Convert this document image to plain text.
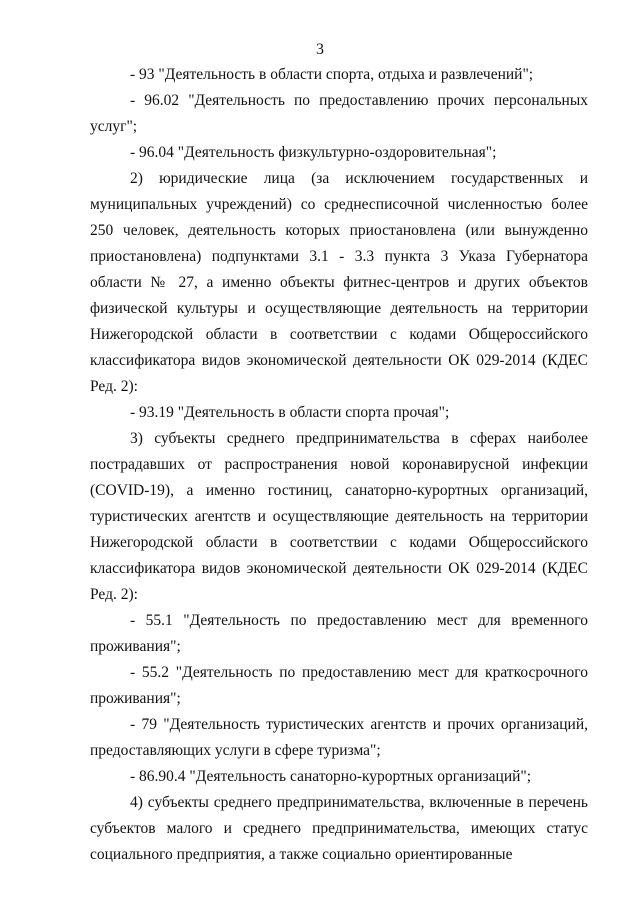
3

- 93 "Деятельность в области спорта, отдыха и развлечений";

- 96.02 "Деятельность по предоставлению прочих персональных услуг";

- 96.04 "Деятельность физкультурно-оздоровительная";

2) юридические лица (за исключением государственных и муниципальных учреждений) со среднесписочной численностью более 250 человек, деятельность которых приостановлена (или вынужденно приостановлена) подпунктами 3.1 - 3.3 пункта 3 Указа Губернатора области № 27, а именно объекты фитнес-центров и других объектов физической культуры и осуществляющие деятельность на территории Нижегородской области в соответствии с кодами Общероссийского классификатора видов экономической деятельности ОК 029-2014 (КДЕС Ред. 2):

- 93.19 "Деятельность в области спорта прочая";

3) субъекты среднего предпринимательства в сферах наиболее пострадавших от распространения новой коронавирусной инфекции (COVID-19), а именно гостиниц, санаторно-курортных организаций, туристических агентств и осуществляющие деятельность на территории Нижегородской области в соответствии с кодами Общероссийского классификатора видов экономической деятельности ОК 029-2014 (КДЕС Ред. 2):

- 55.1 "Деятельность по предоставлению мест для временного проживания";

- 55.2 "Деятельность по предоставлению мест для краткосрочного проживания";

- 79 "Деятельность туристических агентств и прочих организаций, предоставляющих услуги в сфере туризма";

- 86.90.4 "Деятельность санаторно-курортных организаций";

4) субъекты среднего предпринимательства, включенные в перечень субъектов малого и среднего предпринимательства, имеющих статус социального предприятия, а также социально ориентированные
